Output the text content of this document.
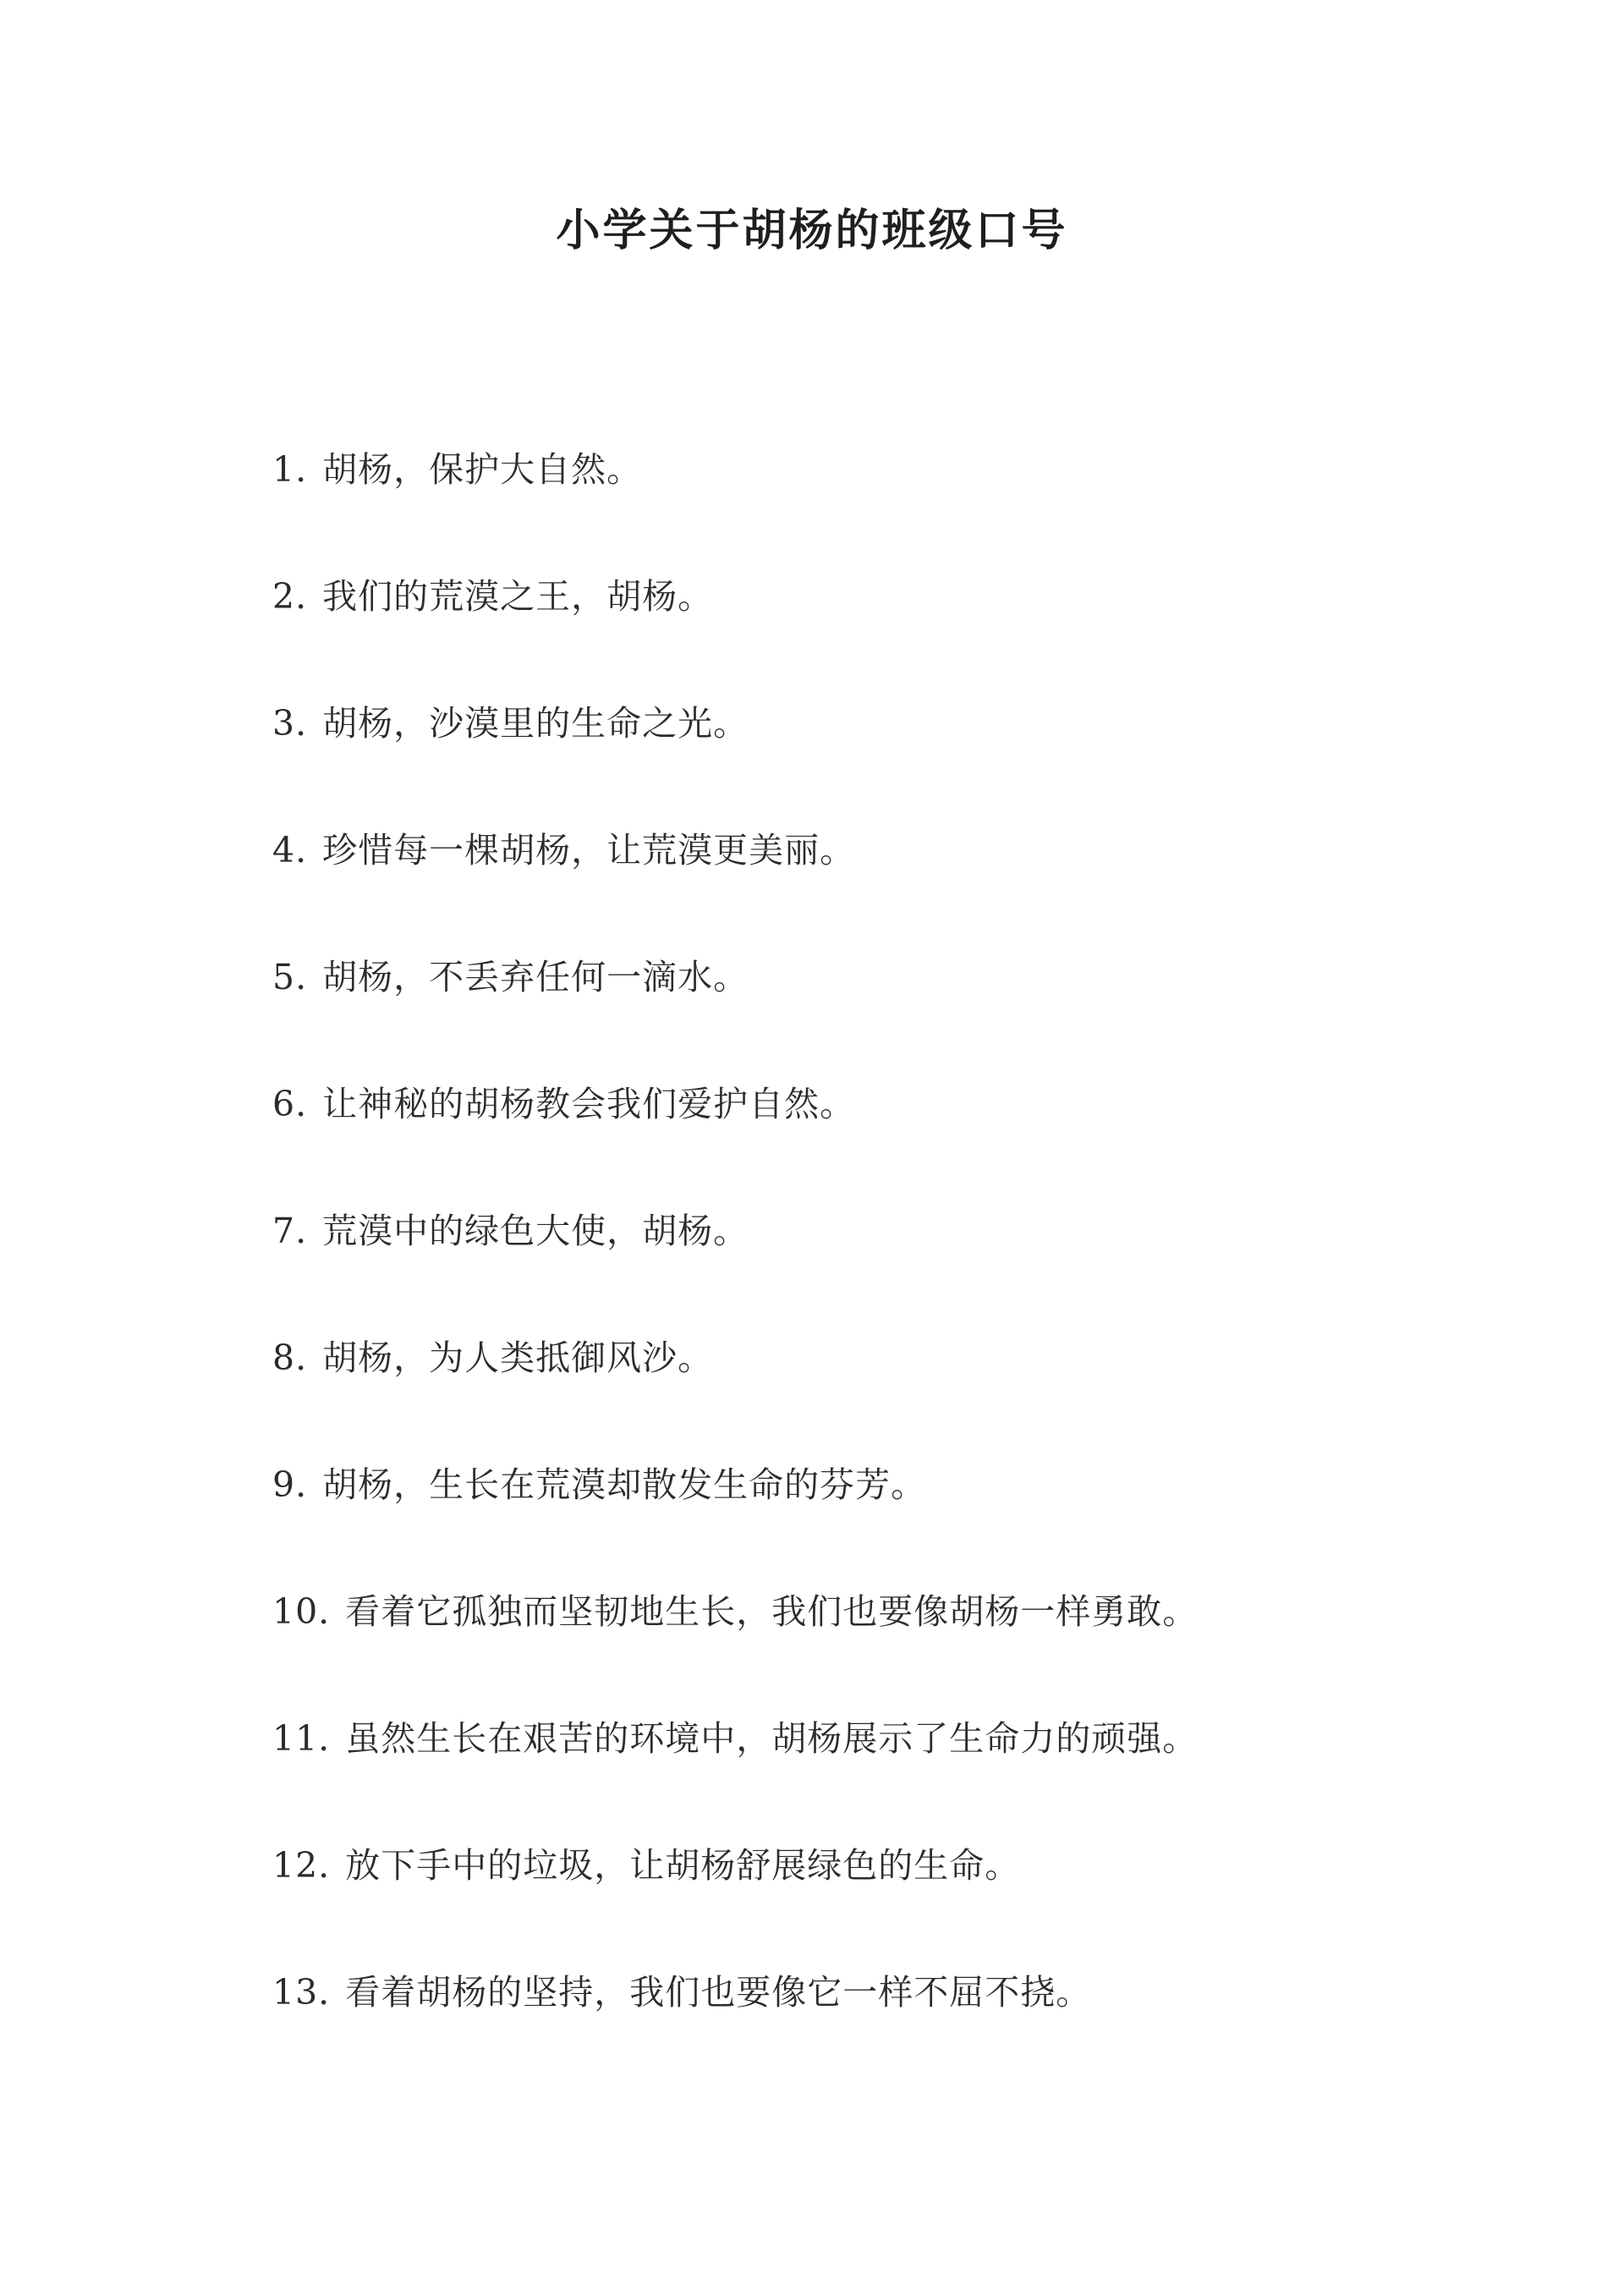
小学关于胡杨的班级口号
1. 胡杨，保护大自然。
2. 我们的荒漠之王，胡杨。
3. 胡杨，沙漠里的生命之光。
4. 珍惜每一棵胡杨，让荒漠更美丽。
5. 胡杨，不丢弃任何一滴水。
6. 让神秘的胡杨教会我们爱护自然。
7. 荒漠中的绿色大使，胡杨。
8. 胡杨，为人类抵御风沙。
9. 胡杨，生长在荒漠却散发生命的芬芳。
10. 看着它孤独而坚韧地生长，我们也要像胡杨一样勇敢。
11. 虽然生长在艰苦的环境中，胡杨展示了生命力的顽强。
12. 放下手中的垃圾，让胡杨舒展绿色的生命。
13. 看着胡杨的坚持，我们也要像它一样不屈不挠。
